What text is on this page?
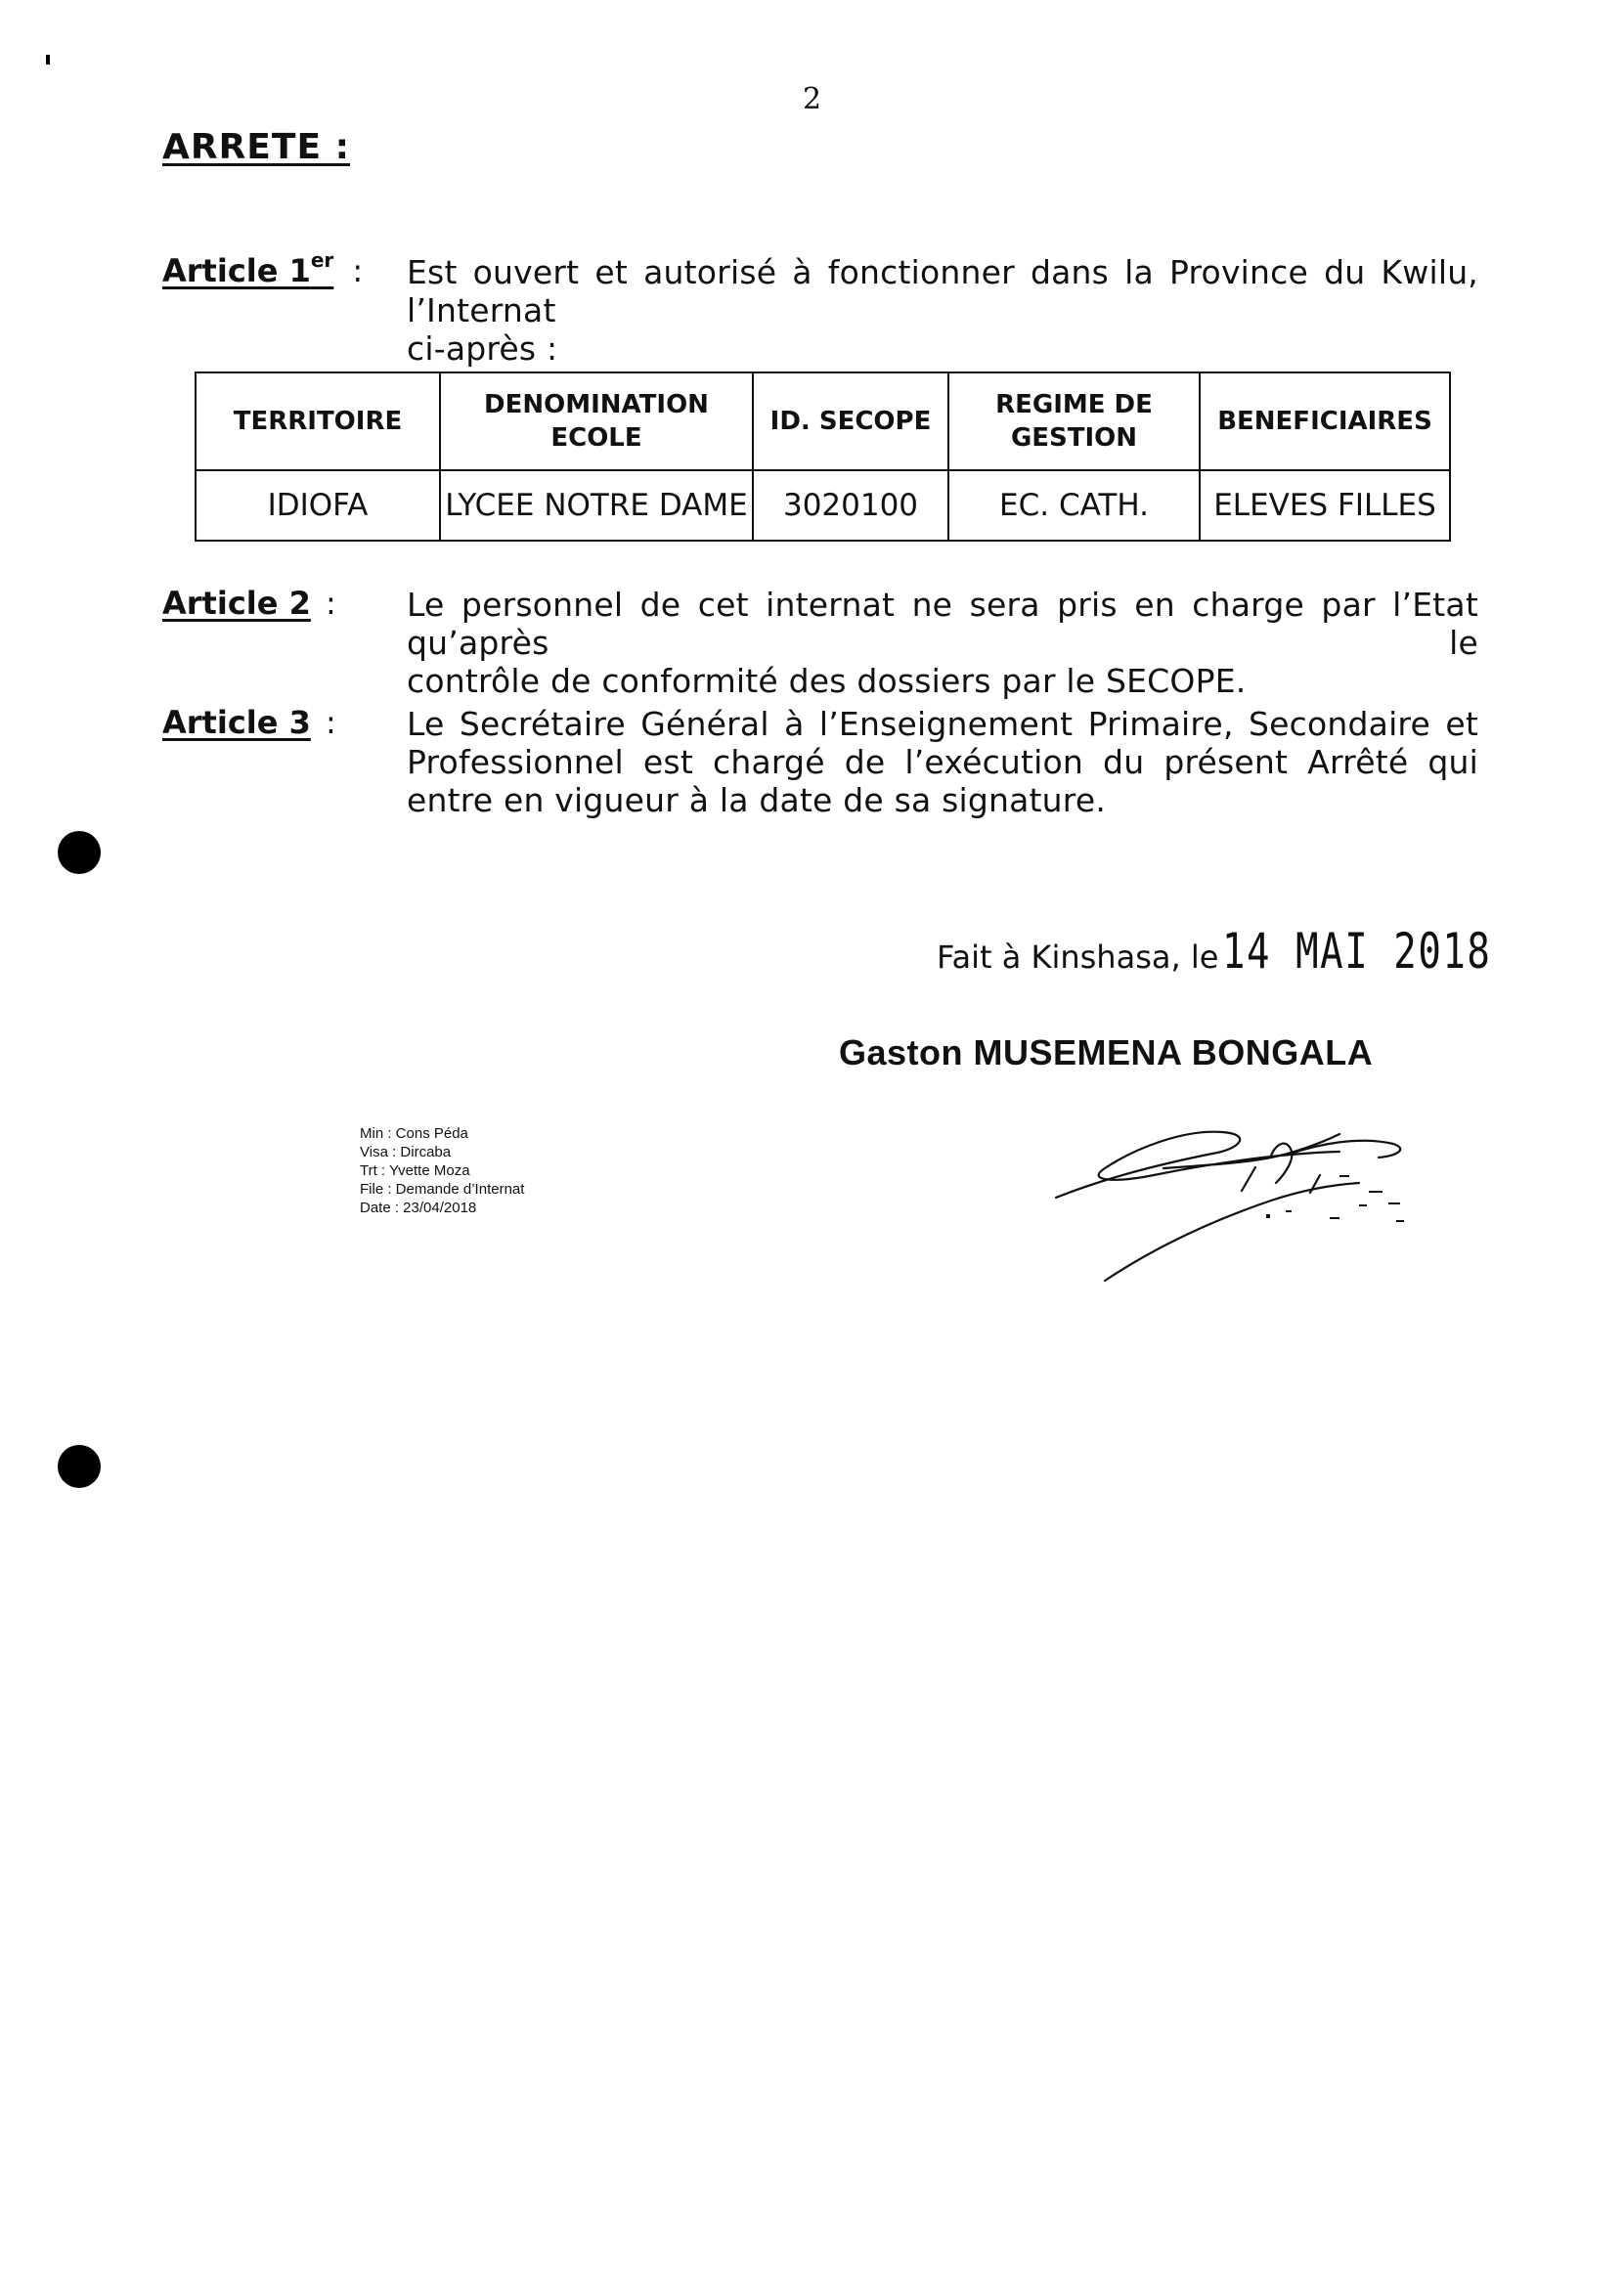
2
ARRETE :
Article 1er : Est ouvert et autorisé à fonctionner dans la Province du Kwilu, l’Internat
ci-après :
TERRITOIRE	DENOMINATION ECOLE	ID. SECOPE	REGIME DE GESTION	BENEFICIAIRES
IDIOFA	LYCEE NOTRE DAME	3020100	EC. CATH.	ELEVES FILLES
Article 2 : Le personnel de cet internat ne sera pris en charge par l’Etat qu’après le
contrôle de conformité des dossiers par le SECOPE.
Article 3 : Le Secrétaire Général à l’Enseignement Primaire, Secondaire et
Professionnel est chargé de l’exécution du présent Arrêté qui entre en vigueur à la date de sa signature.
Fait à Kinshasa, le 14 MAI 2018
Gaston MUSEMENA BONGALA
Min : Cons Péda
Visa : Dircaba
Trt : Yvette Moza
File : Demande d’Internat
Date : 23/04/2018
